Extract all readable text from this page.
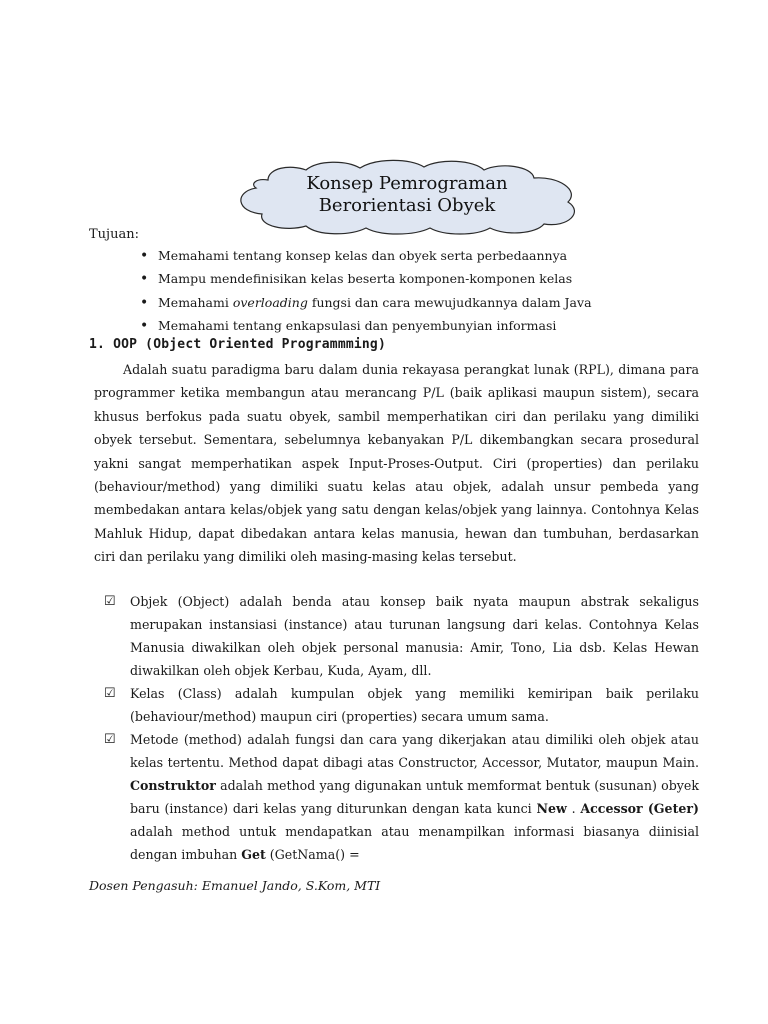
Konsep Pemrograman
Berorientasi Obyek
Tujuan:
• Memahami tentang konsep kelas dan obyek serta perbedaannya
• Mampu mendefinisikan kelas beserta komponen-komponen kelas
• Memahami overloading fungsi dan cara mewujudkannya dalam Java
• Memahami tentang enkapsulasi dan penyembunyian informasi
1. OOP (Object Oriented Programmming)

Adalah suatu paradigma baru dalam dunia rekayasa perangkat lunak (RPL), dimana para programmer ketika membangun atau merancang P/L (baik aplikasi maupun sistem), secara khusus berfokus pada suatu obyek, sambil memperhatikan ciri dan perilaku yang dimiliki obyek tersebut. Sementara, sebelumnya kebanyakan P/L dikembangkan secara prosedural yakni sangat memperhatikan aspek Input-Proses-Output. Ciri (properties) dan perilaku (behaviour/method) yang dimiliki suatu kelas atau objek, adalah unsur pembeda yang membedakan antara kelas/objek yang satu dengan kelas/objek yang lainnya. Contohnya Kelas Mahluk Hidup, dapat dibedakan antara kelas manusia, hewan dan tumbuhan, berdasarkan ciri dan perilaku yang dimiliki oleh masing-masing kelas tersebut.

☑ Objek (Object) adalah benda atau konsep baik nyata maupun abstrak sekaligus merupakan instansiasi (instance) atau turunan langsung dari kelas. Contohnya Kelas Manusia diwakilkan oleh objek personal manusia: Amir, Tono, Lia dsb. Kelas Hewan diwakilkan oleh objek Kerbau, Kuda, Ayam, dll.
☑ Kelas (Class) adalah kumpulan objek yang memiliki kemiripan baik perilaku (behaviour/method) maupun ciri (properties) secara umum sama.
☑ Metode (method) adalah fungsi dan cara yang dikerjakan atau dimiliki oleh objek atau kelas tertentu. Method dapat dibagi atas Constructor, Accessor, Mutator, maupun Main. Construktor adalah method yang digunakan untuk memformat bentuk (susunan) obyek baru (instance) dari kelas yang diturunkan dengan kata kunci New . Accessor (Geter) adalah method untuk mendapatkan atau menampilkan informasi biasanya diinisial dengan imbuhan Get (GetNama() =
Dosen Pengasuh: Emanuel Jando, S.Kom, MTI
